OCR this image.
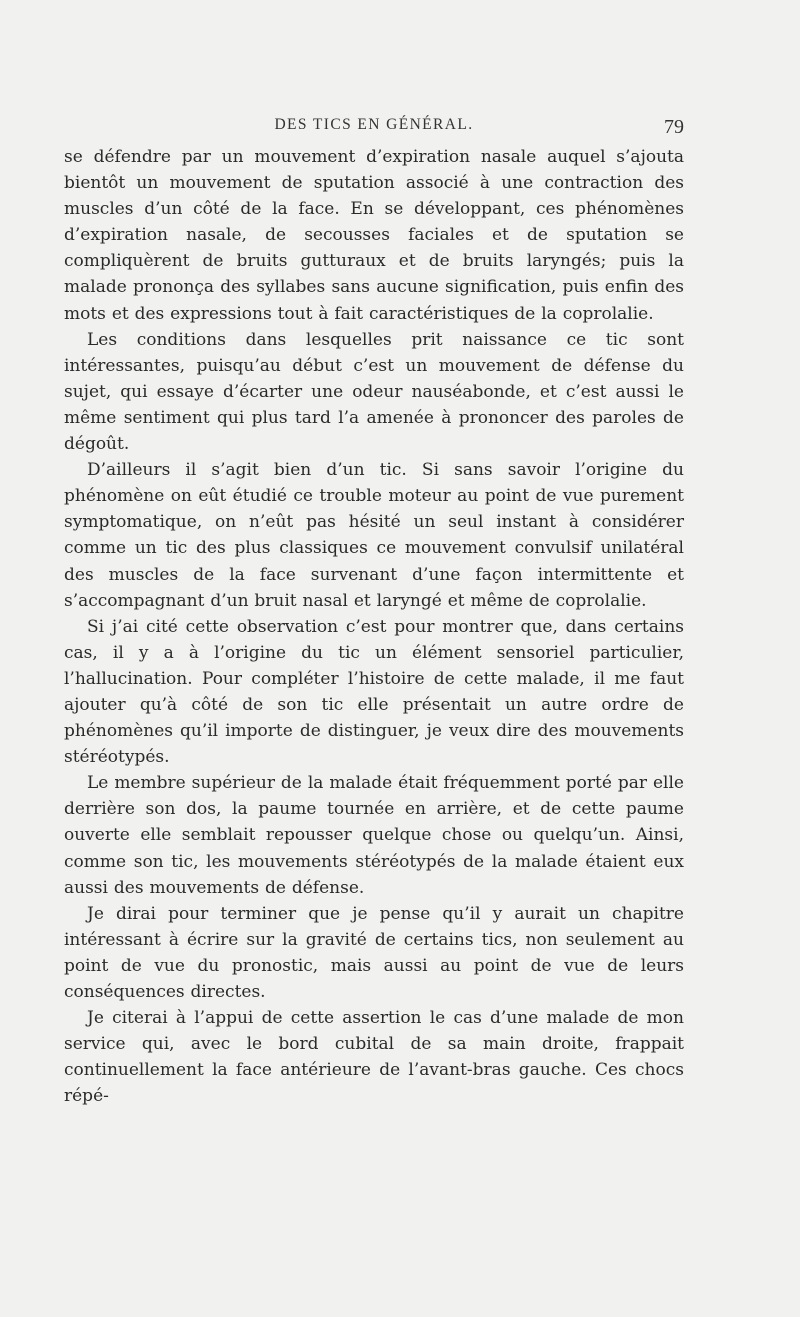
DES TICS EN GÉNÉRAL.	79

se défendre par un mouvement d’expiration nasale auquel s’ajouta bientôt un mouvement de sputation associé à une contraction des muscles d’un côté de la face. En se développant, ces phénomènes d’expiration nasale, de secousses faciales et de sputation se compliquèrent de bruits gutturaux et de bruits laryngés; puis la malade prononça des syllabes sans aucune signification, puis enfin des mots et des expressions tout à fait caractéristiques de la coprolalie.

Les conditions dans lesquelles prit naissance ce tic sont intéressantes, puisqu’au début c’est un mouvement de défense du sujet, qui essaye d’écarter une odeur nauséabonde, et c’est aussi le même sentiment qui plus tard l’a amenée à prononcer des paroles de dégoût.

D’ailleurs il s’agit bien d’un tic. Si sans savoir l’origine du phénomène on eût étudié ce trouble moteur au point de vue purement symptomatique, on n’eût pas hésité un seul instant à considérer comme un tic des plus classiques ce mouvement convulsif unilatéral des muscles de la face survenant d’une façon intermittente et s’accompagnant d’un bruit nasal et laryngé et même de coprolalie.

Si j’ai cité cette observation c’est pour montrer que, dans certains cas, il y a à l’origine du tic un élément sensoriel particulier, l’hallucination. Pour compléter l’histoire de cette malade, il me faut ajouter qu’à côté de son tic elle présentait un autre ordre de phénomènes qu’il importe de distinguer, je veux dire des mouvements stéréotypés.

Le membre supérieur de la malade était fréquemment porté par elle derrière son dos, la paume tournée en arrière, et de cette paume ouverte elle semblait repousser quelque chose ou quelqu’un. Ainsi, comme son tic, les mouvements stéréotypés de la malade étaient eux aussi des mouvements de défense.

Je dirai pour terminer que je pense qu’il y aurait un chapitre intéressant à écrire sur la gravité de certains tics, non seulement au point de vue du pronostic, mais aussi au point de vue de leurs conséquences directes.

Je citerai à l’appui de cette assertion le cas d’une malade de mon service qui, avec le bord cubital de sa main droite, frappait continuellement la face antérieure de l’avant-bras gauche. Ces chocs répé-
